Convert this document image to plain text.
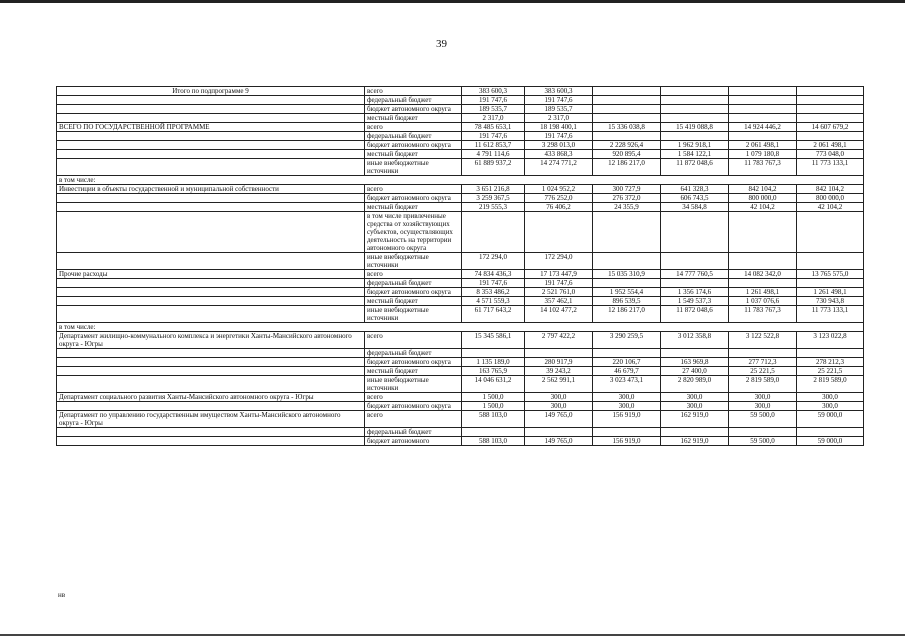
39
Итого по подпрограмме 9	всего	383 600,3	383 600,3				
	федеральный бюджет	191 747,6	191 747,6				
	бюджет автономного округа	189 535,7	189 535,7				
	местный бюджет	2 317,0	2 317,0				
ВСЕГО ПО ГОСУДАРСТВЕННОЙ ПРОГРАММЕ	всего	78 485 653,1	18 198 400,1	15 336 038,8	15 419 088,8	14 924 446,2	14 607 679,2
	федеральный бюджет	191 747,6	191 747,6				
	бюджет автономного округа	11 612 853,7	3 298 013,0	2 228 926,4	1 962 918,1	2 061 498,1	2 061 498,1
	местный бюджет	4 791 114,6	433 868,3	920 895,4	1 584 122,1	1 079 180,8	773 048,0
	иные внебюджетные источники	61 889 937,2	14 274 771,2	12 186 217,0	11 872 048,6	11 783 767,3	11 773 133,1
в том числе:							
Инвестиции в объекты государственной и муниципальной собственности	всего	3 651 216,8	1 024 952,2	300 727,9	641 328,3	842 104,2	842 104,2
	бюджет автономного округа	3 259 367,5	776 252,0	276 372,0	606 743,5	800 000,0	800 000,0
	местный бюджет	219 555,3	76 406,2	24 355,9	34 584,8	42 104,2	42 104,2
	в том числе привлеченные средства от хозяйствующих субъектов, осуществляющих деятельность на территории автономного округа						
	иные внебюджетные источники	172 294,0	172 294,0				
Прочие расходы	всего	74 834 436,3	17 173 447,9	15 035 310,9	14 777 760,5	14 082 342,0	13 765 575,0
	федеральный бюджет	191 747,6	191 747,6				
	бюджет автономного округа	8 353 486,2	2 521 761,0	1 952 554,4	1 356 174,6	1 261 498,1	1 261 498,1
	местный бюджет	4 571 559,3	357 462,1	896 539,5	1 549 537,3	1 037 076,6	730 943,8
	иные внебюджетные источники	61 717 643,2	14 102 477,2	12 186 217,0	11 872 048,6	11 783 767,3	11 773 133,1
в том числе:							
Департамент жилищно-коммунального комплекса и энергетики Ханты-Мансийского автономного округа - Югры	всего	15 345 586,1	2 797 422,2	3 290 259,5	3 012 358,8	3 122 522,8	3 123 022,8
	федеральный бюджет						
	бюджет автономного округа	1 135 189,0	280 917,9	220 106,7	163 969,8	277 712,3	278 212,3
	местный бюджет	163 765,9	39 243,2	46 679,7	27 400,0	25 221,5	25 221,5
	иные внебюджетные источники	14 046 631,2	2 562 991,1	3 023 473,1	2 820 989,0	2 819 589,0	2 819 589,0
Департамент социального развития Ханты-Мансийского автономного округа - Югры	всего	1 500,0	300,0	300,0	300,0	300,0	300,0
	бюджет автономного округа	1 500,0	300,0	300,0	300,0	300,0	300,0
Департамент по управлению государственным имуществом Ханты-Мансийского автономного округа - Югры	всего	588 103,0	149 765,0	156 919,0	162 919,0	59 500,0	59 000,0
	федеральный бюджет						
	бюджет автономного	588 103,0	149 765,0	156 919,0	162 919,0	59 500,0	59 000,0
нв
